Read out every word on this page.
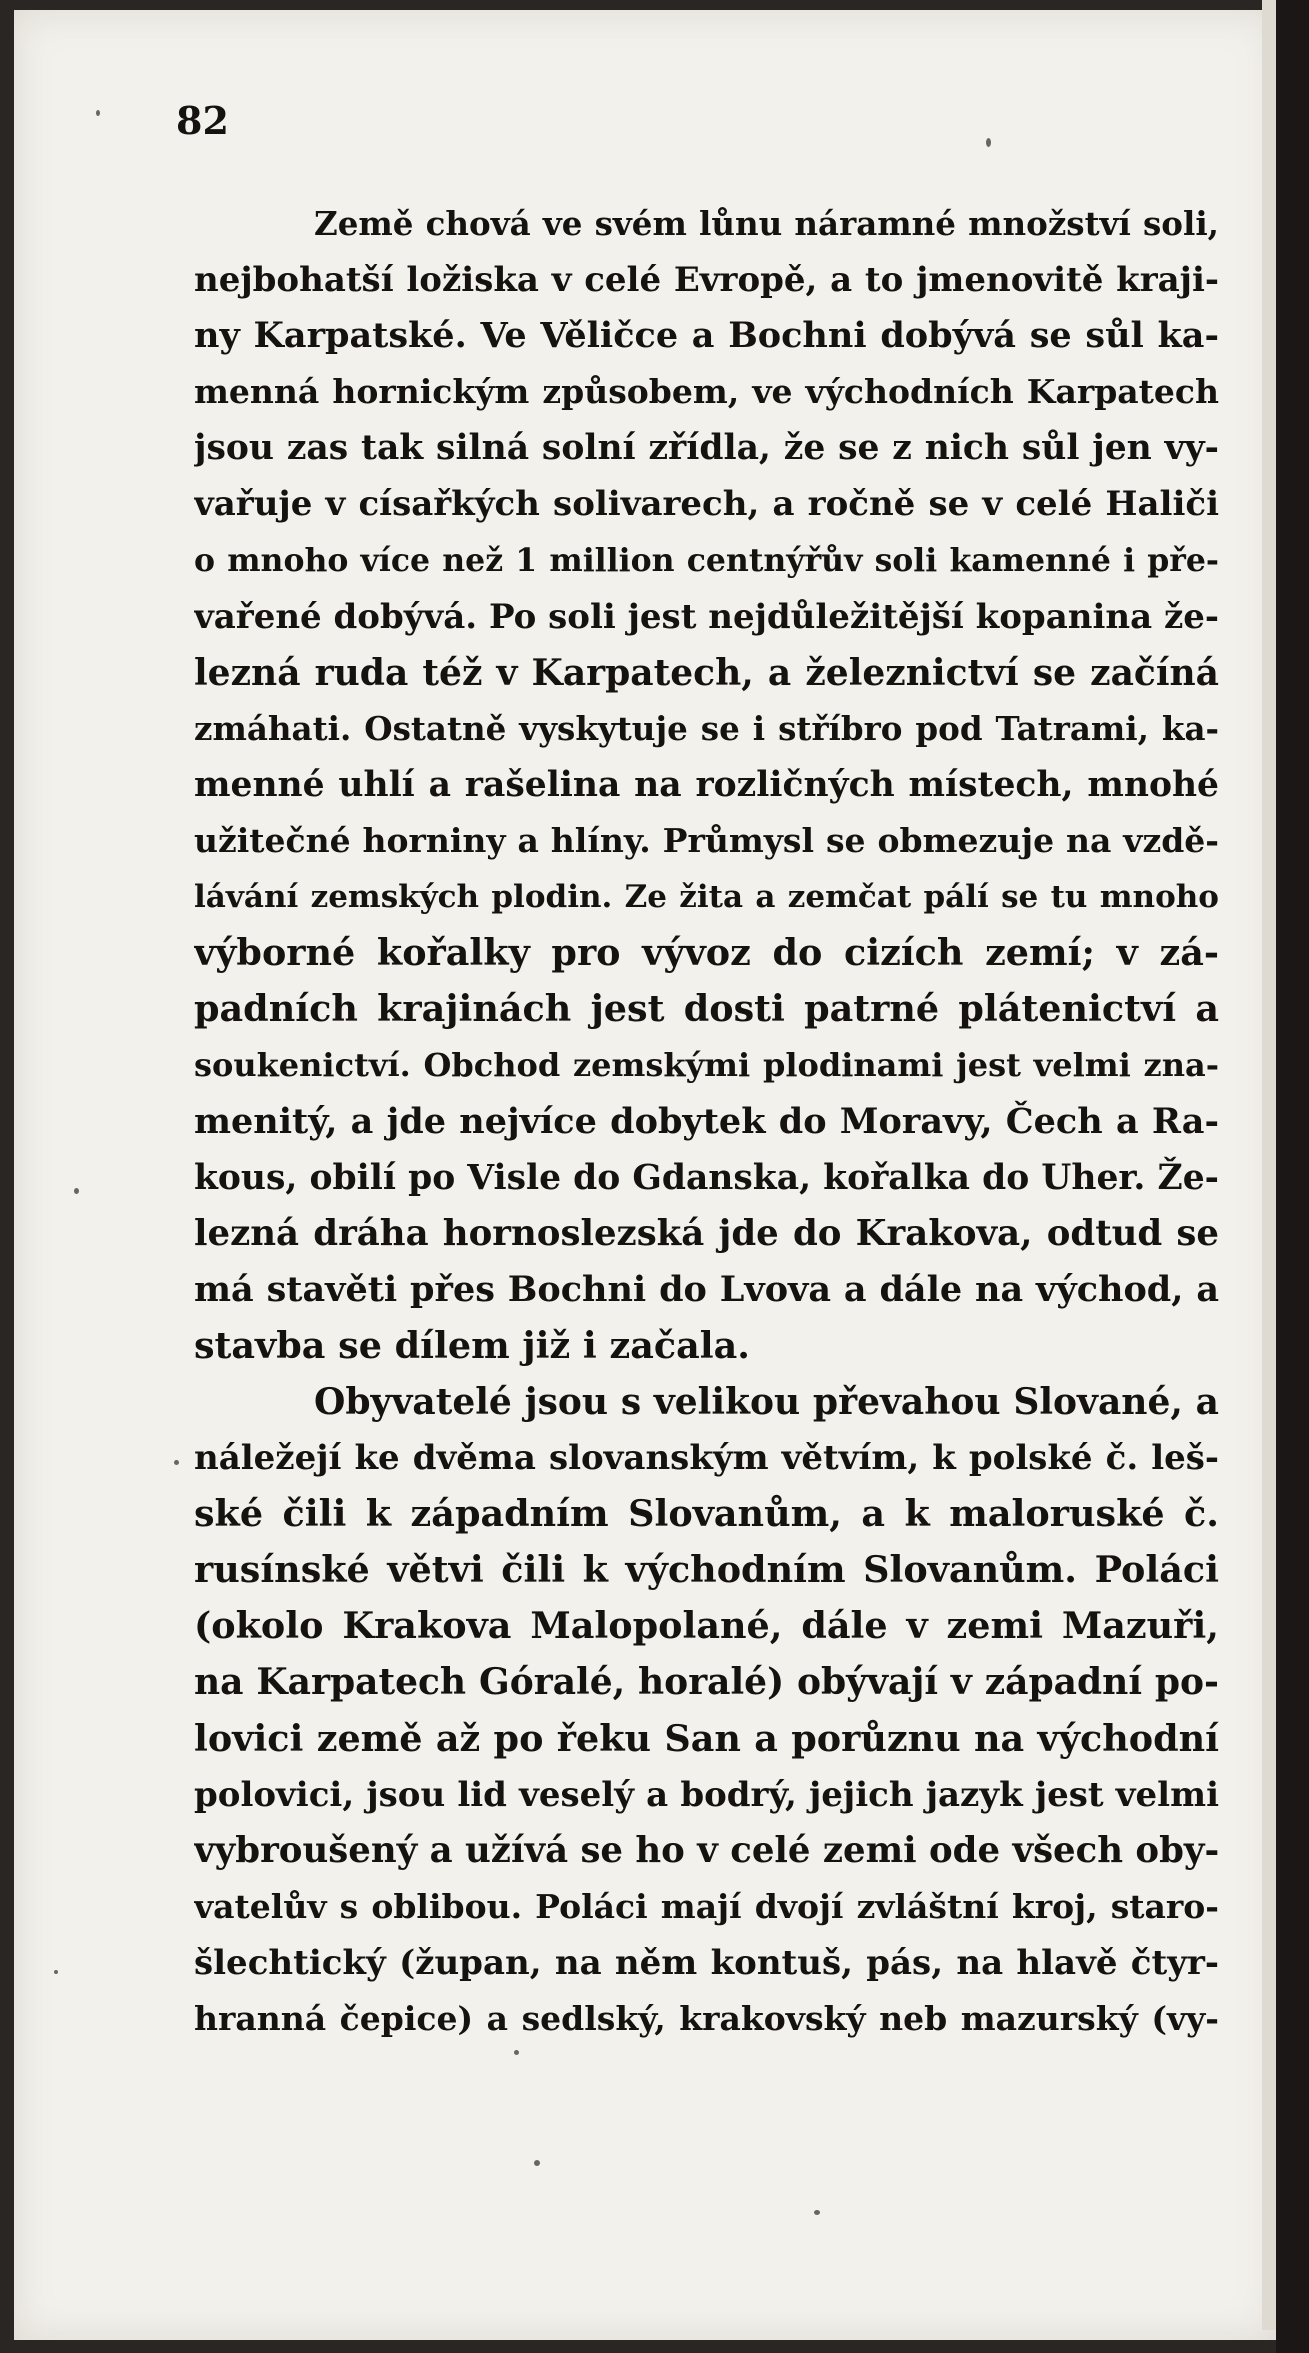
82
Země chová ve svém lůnu náramné množství soli,
nejbohatší ložiska v celé Evropě, a to jmenovitě kraji-
ny Karpatské. Ve Věličce a Bochni dobývá se sůl ka-
menná hornickým způsobem, ve východních Karpatech
jsou zas tak silná solní zřídla, že se z nich sůl jen vy-
vařuje v císařkých solivarech, a ročně se v celé Haliči
o mnoho více než 1 million centnýřův soli kamenné i pře-
vařené dobývá. Po soli jest nejdůležitější kopanina že-
lezná ruda též v Karpatech, a železnictví se začíná
zmáhati. Ostatně vyskytuje se i stříbro pod Tatrami, ka-
menné uhlí a rašelina na rozličných místech, mnohé
užitečné horniny a hlíny. Průmysl se obmezuje na vzdě-
lávání zemských plodin. Ze žita a zemčat pálí se tu mnoho
výborné kořalky pro vývoz do cizích zemí; v zá-
padních krajinách jest dosti patrné plátenictví a
soukenictví. Obchod zemskými plodinami jest velmi zna-
menitý, a jde nejvíce dobytek do Moravy, Čech a Ra-
kous, obilí po Visle do Gdanska, kořalka do Uher. Že-
lezná dráha hornoslezská jde do Krakova, odtud se
má stavěti přes Bochni do Lvova a dále na východ, a
stavba se dílem již i začala.
Obyvatelé jsou s velikou převahou Slované, a
náležejí ke dvěma slovanským větvím, k polské č. leš-
ské čili k západním Slovanům, a k maloruské č.
rusínské větvi čili k východním Slovanům. Poláci
(okolo Krakova Malopolané, dále v zemi Mazuři,
na Karpatech Góralé, horalé) obývají v západní po-
lovici země až po řeku San a porůznu na východní
polovici, jsou lid veselý a bodrý, jejich jazyk jest velmi
vybroušený a užívá se ho v celé zemi ode všech oby-
vatelův s oblibou. Poláci mají dvojí zvláštní kroj, staro-
šlechtický (župan, na něm kontuš, pás, na hlavě čtyr-
hranná čepice) a sedlský, krakovský neb mazurský (vy-
